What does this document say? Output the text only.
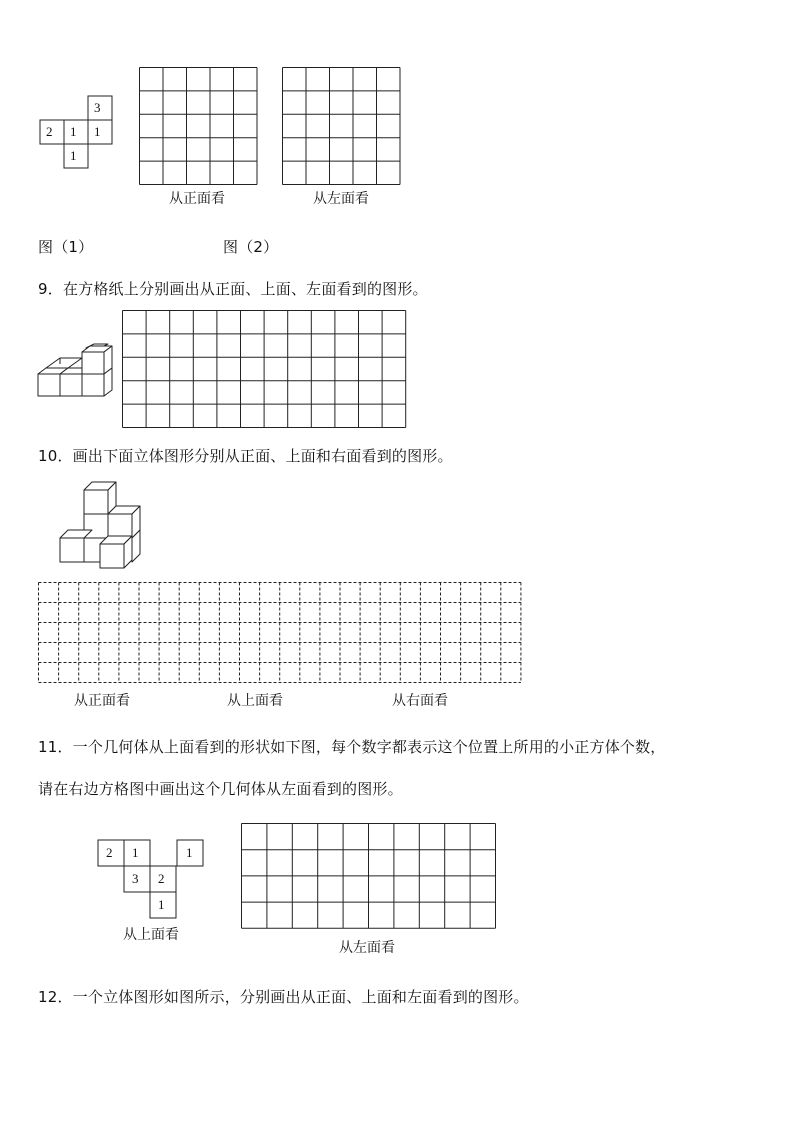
3
2 1 1
1
从正面看	从左面看
图（1）	图（2）
9．在方格纸上分别画出从正面、上面、左面看到的图形。
10．画出下面立体图形分别从正面、上面和右面看到的图形。
从正面看	从上面看	从右面看
11．一个几何体从上面看到的形状如下图，每个数字都表示这个位置上所用的小正方体个数，
请在右边方格图中画出这个几何体从左面看到的图形。
2 1	1
3 2
1
从上面看
从左面看
12．一个立体图形如图所示，分别画出从正面、上面和左面看到的图形。
